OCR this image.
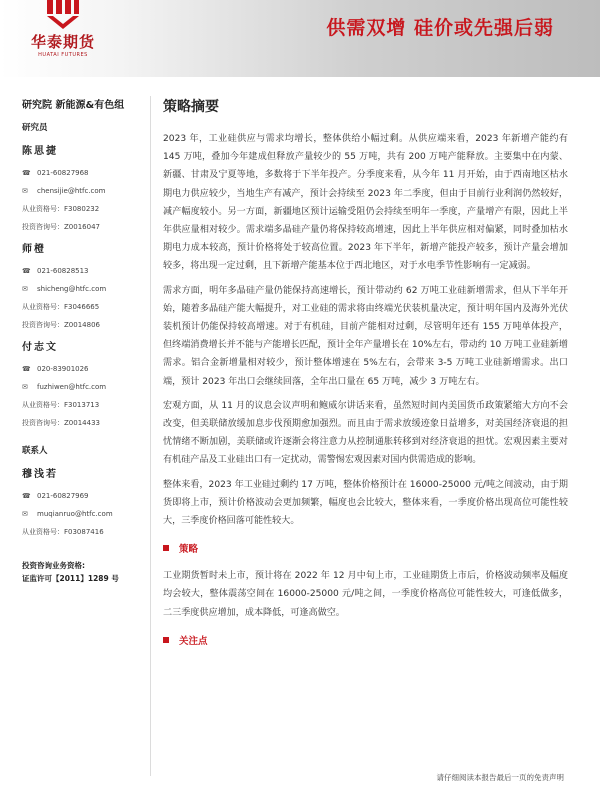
华泰期货
HUATAI FUTURES
供需双增 硅价或先强后弱
研究院 新能源&有色组
研究员
陈思捷
☎ 021-60827968
✉	chensijie@htfc.com
从业资格号：F3080232
投资咨询号：Z0016047
师橙
☎ 021-60828513
✉	shicheng@htfc.com
从业资格号：F3046665
投资咨询号：Z0014806
付志文
☎ 020-83901026
✉	fuzhiwen@htfc.com
从业资格号：F3013713
投资咨询号：Z0014433
联系人
穆浅若
☎ 021-60827969
✉	muqianruo@htfc.com
从业资格号：F03087416
投资咨询业务资格:
证监许可【2011】1289 号
策略摘要

2023 年，工业硅供应与需求均增长，整体供给小幅过剩。从供应端来看，2023 年新增产能约有 145 万吨，叠加今年建成但释放产量较少的 55 万吨，共有 200 万吨产能释放。主要集中在内蒙、新疆、甘肃及宁夏等地，多数将于下半年投产。分季度来看，从今年 11 月开始，由于西南地区枯水期电力供应较少，当地生产有减产，预计会持续至 2023 年二季度，但由于目前行业利润仍然较好，减产幅度较小。另一方面，新疆地区预计运输受阻仍会持续至明年一季度，产量增产有限，因此上半年供应量相对较少。需求端多晶硅产量仍将保持较高增速，因此上半年供应相对偏紧，同时叠加枯水期电力成本较高，预计价格将处于较高位置。2023 年下半年，新增产能投产较多，预计产量会增加较多，将出现一定过剩，且下新增产能基本位于西北地区，对于水电季节性影响有一定减弱。

需求方面，明年多晶硅产量仍能保持高速增长，预计带动约 62 万吨工业硅新增需求，但从下半年开始，随着多晶硅产能大幅提升，对工业硅的需求将由终端光伏装机量决定，预计明年国内及海外光伏装机预计仍能保持较高增速。对于有机硅，目前产能相对过剩，尽管明年还有 155 万吨单体投产，但终端消费增长并不能与产能增长匹配，预计全年产量增长在 10%左右，带动约 10 万吨工业硅新增需求。铝合金新增量相对较少，预计整体增速在 5%左右，会带来 3-5 万吨工业硅新增需求。出口端，预计 2023 年出口会继续回落，全年出口量在 65 万吨，减少 3 万吨左右。

宏观方面，从 11 月的议息会议声明和鲍威尔讲话来看，虽然短时间内美国货币政策紧缩大方向不会改变，但美联储放缓加息步伐预期愈加强烈。而且由于需求放缓迹象日益增多，对美国经济衰退的担忧情绪不断加剧，美联储或许逐渐会将注意力从控制通胀转移到对经济衰退的担忧。宏观因素主要对有机硅产品及工业硅出口有一定扰动，需警惕宏观因素对国内供需造成的影响。

整体来看，2023 年工业硅过剩约 17 万吨，整体价格预计在 16000-25000 元/吨之间波动，由于期货即将上市，预计价格波动会更加频繁，幅度也会比较大，整体来看，一季度价格出现高位可能性较大，三季度价格回落可能性较大。

策略

工业期货暂时未上市，预计将在 2022 年 12 月中旬上市，工业硅期货上市后，价格波动频率及幅度均会较大，整体震荡空间在 16000-25000 元/吨之间，一季度价格高位可能性较大，可逢低做多，二三季度供应增加，成本降低，可逢高做空。

关注点
请仔细阅读本报告最后一页的免责声明
